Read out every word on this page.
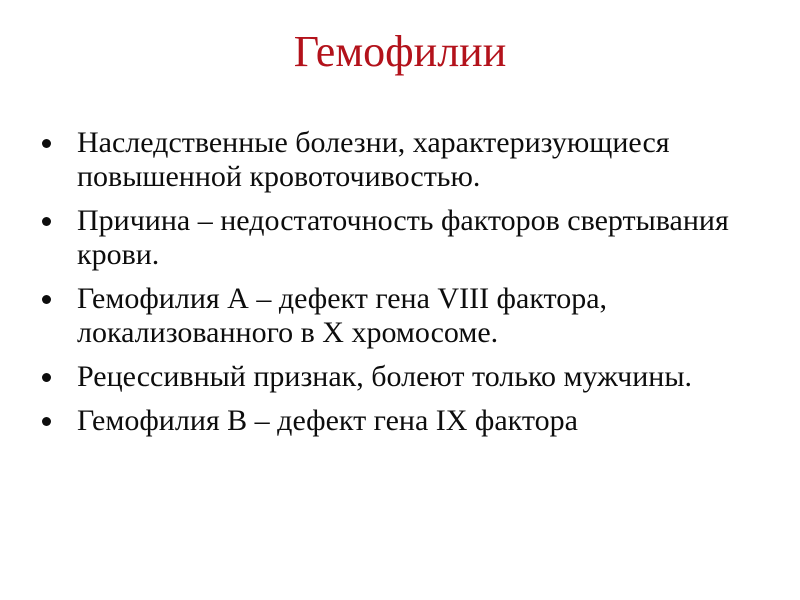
Гемофилии
Наследственные болезни, характеризующиеся повышенной кровоточивостью.
Причина – недостаточность факторов свертывания крови.
Гемофилия А – дефект гена VIII фактора, локализованного в X хромосоме.
Рецессивный признак, болеют только мужчины.
Гемофилия В – дефект гена IX фактора
